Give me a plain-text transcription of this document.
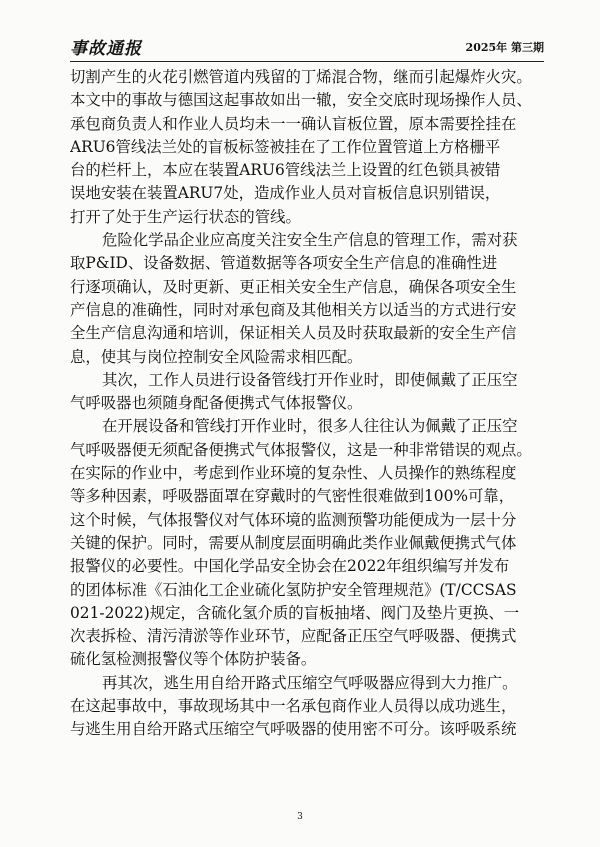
事故通报	2025年 第三期
切割产生的火花引燃管道内残留的丁烯混合物，继而引起爆炸火灾。
本文中的事故与德国这起事故如出一辙，安全交底时现场操作人员、
承包商负责人和作业人员均未一一确认盲板位置，原本需要拴挂在
ARU6管线法兰处的盲板标签被挂在了工作位置管道上方格栅平
台的栏杆上，本应在装置ARU6管线法兰上设置的红色锁具被错
误地安装在装置ARU7处，造成作业人员对盲板信息识别错误，
打开了处于生产运行状态的管线。
危险化学品企业应高度关注安全生产信息的管理工作，需对获
取P&ID、设备数据、管道数据等各项安全生产信息的准确性进
行逐项确认，及时更新、更正相关安全生产信息，确保各项安全生
产信息的准确性，同时对承包商及其他相关方以适当的方式进行安
全生产信息沟通和培训，保证相关人员及时获取最新的安全生产信
息，使其与岗位控制安全风险需求相匹配。
其次，工作人员进行设备管线打开作业时，即使佩戴了正压空
气呼吸器也须随身配备便携式气体报警仪。
在开展设备和管线打开作业时，很多人往往认为佩戴了正压空
气呼吸器便无须配备便携式气体报警仪，这是一种非常错误的观点。
在实际的作业中，考虑到作业环境的复杂性、人员操作的熟练程度
等多种因素，呼吸器面罩在穿戴时的气密性很难做到100%可靠，
这个时候，气体报警仪对气体环境的监测预警功能便成为一层十分
关键的保护。同时，需要从制度层面明确此类作业佩戴便携式气体
报警仪的必要性。中国化学品安全协会在2022年组织编写并发布
的团体标准《石油化工企业硫化氢防护安全管理规范》(T/CCSAS
021-2022)规定，含硫化氢介质的盲板抽堵、阀门及垫片更换、一
次表拆检、清污清淤等作业环节，应配备正压空气呼吸器、便携式
硫化氢检测报警仪等个体防护装备。
再其次，逃生用自给开路式压缩空气呼吸器应得到大力推广。
在这起事故中，事故现场其中一名承包商作业人员得以成功逃生，
与逃生用自给开路式压缩空气呼吸器的使用密不可分。该呼吸系统
3
